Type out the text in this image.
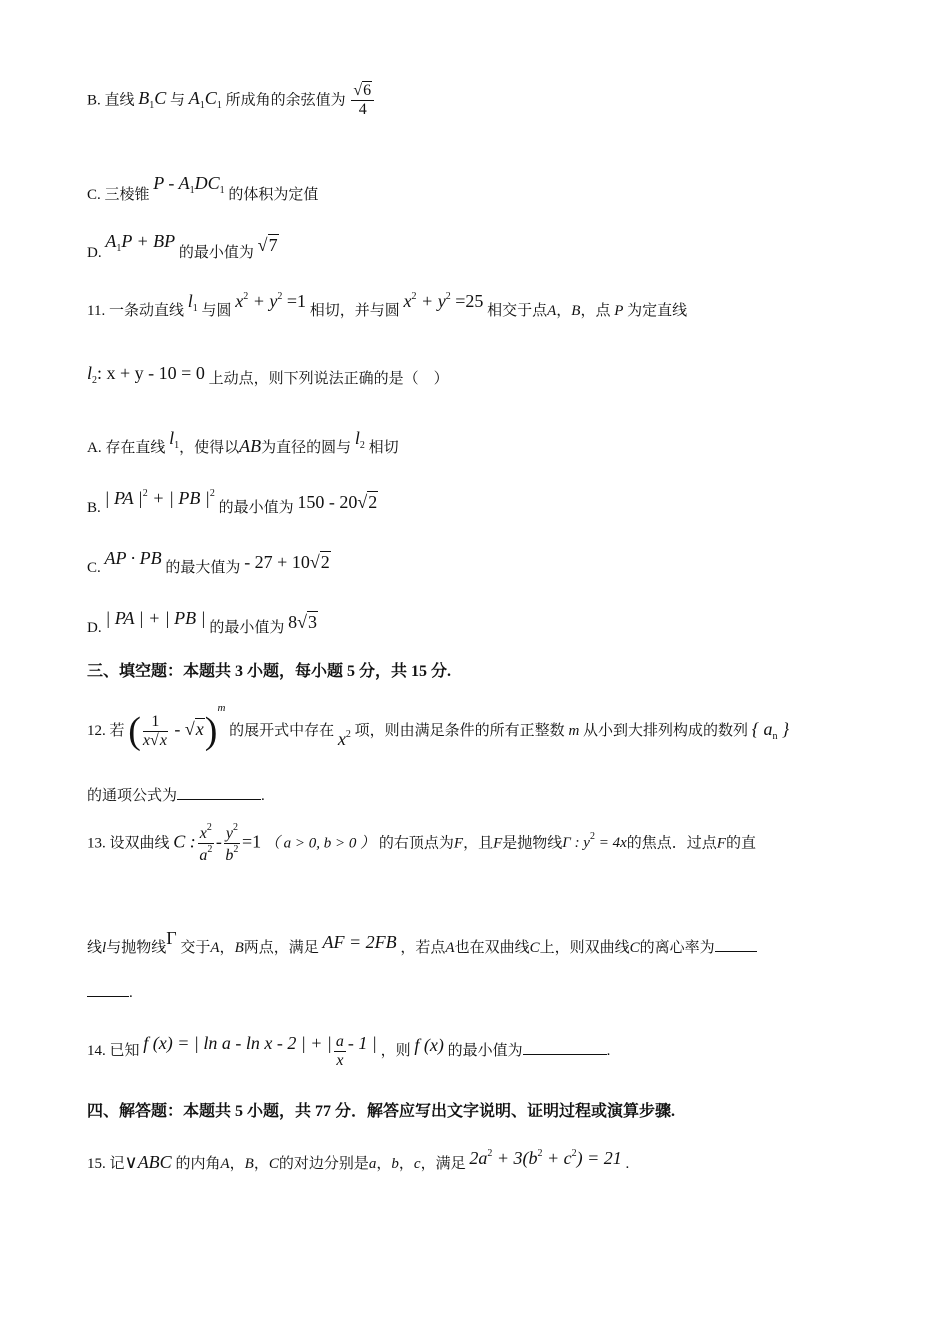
B. 直线 $B_1C$ 与 $A_1C_1$ 所成角的余弦值为 $\frac{√6}{4}$
C. 三棱锥 P - $A_1DC_1$ 的体积为定值
D. $A_1P$ + BP 的最小值为 √7
11. 一条动直线 $l_1$ 与圆 $x^2 + y^2 =1$ 相切，并与圆 $x^2 + y^2 =25$ 相交于点A，B，点 P 为定直线
$l_2$: x + y - 10 = 0 上动点，则下列说法正确的是（　）
A. 存在直线 $l_1$，使得以AB为直径的圆与 $l_2$ 相切
B. | PA $|^2$ + | PB $|^2$ 的最小值为 150 - 20√2
C. AP · PB 的最大值为 - 27 + 10√2
D. | PA | + | PB | 的最小值为 8√3
三、填空题：本题共 3 小题，每小题 5 分，共 15 分.
12. 若 ( $\frac{1}{x√x} - √x)^m$ 的展开式中存在 $x^2$ 项，则由满足条件的所有正整数 m 从小到大排列构成的数列 { $a_n$ }
的通项公式为	.
13. 设双曲线 C : $\frac{x^2}{a^2} - \frac{y^2}{b^2} =1$ （ a > 0, b > 0 ） 的右顶点为F，且F是抛物线Γ : $y^2 = 4x$的焦点．过点F的直
线l与抛物线Γ 交于A，B两点，满足 AF = 2FB ，若点A也在双曲线C上，则双曲线C的离心率为
.
14. 已知 f (x) = | ln a - ln x - 2 | + | $\frac{a}{x} - 1$ | ，则 f (x) 的最小值为	.
四、解答题：本题共 5 小题，共 77 分．解答应写出文字说明、证明过程或演算步骤.
15. 记∨ABC 的内角A，B，C的对边分别是a，b，c，满足 $2a^2 + 3(b^2 + c^2) = 21$ .
